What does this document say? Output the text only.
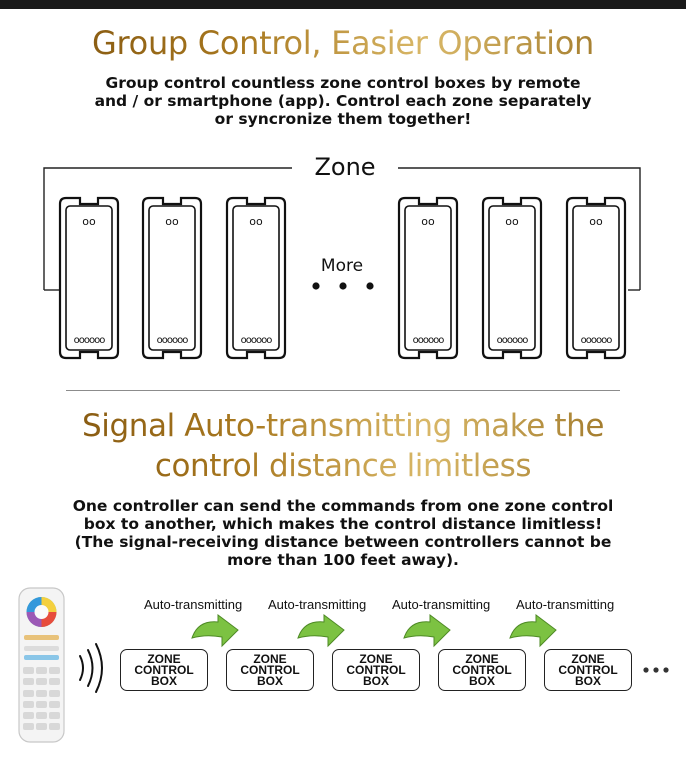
Group Control, Easier Operation
Group control countless zone control boxes by remote
and / or smartphone (app). Control each zone separately
or syncronize them together!
oo
oooooo
oo
oooooo
oo
oooooo
oo
oooooo
oo
oooooo
oo
oooooo
Zone
More
Signal Auto-transmitting make the
control distance limitless
One controller can send the commands from one zone control
box to another, which makes the control distance limitless!
(The signal-receiving distance between controllers cannot be
more than 100 feet away).
Auto-transmitting Auto-transmitting Auto-transmitting Auto-transmitting
ZONE
CONTROL
BOX
ZONE
CONTROL
BOX
ZONE
CONTROL
BOX
ZONE
CONTROL
BOX
ZONE
CONTROL
BOX
